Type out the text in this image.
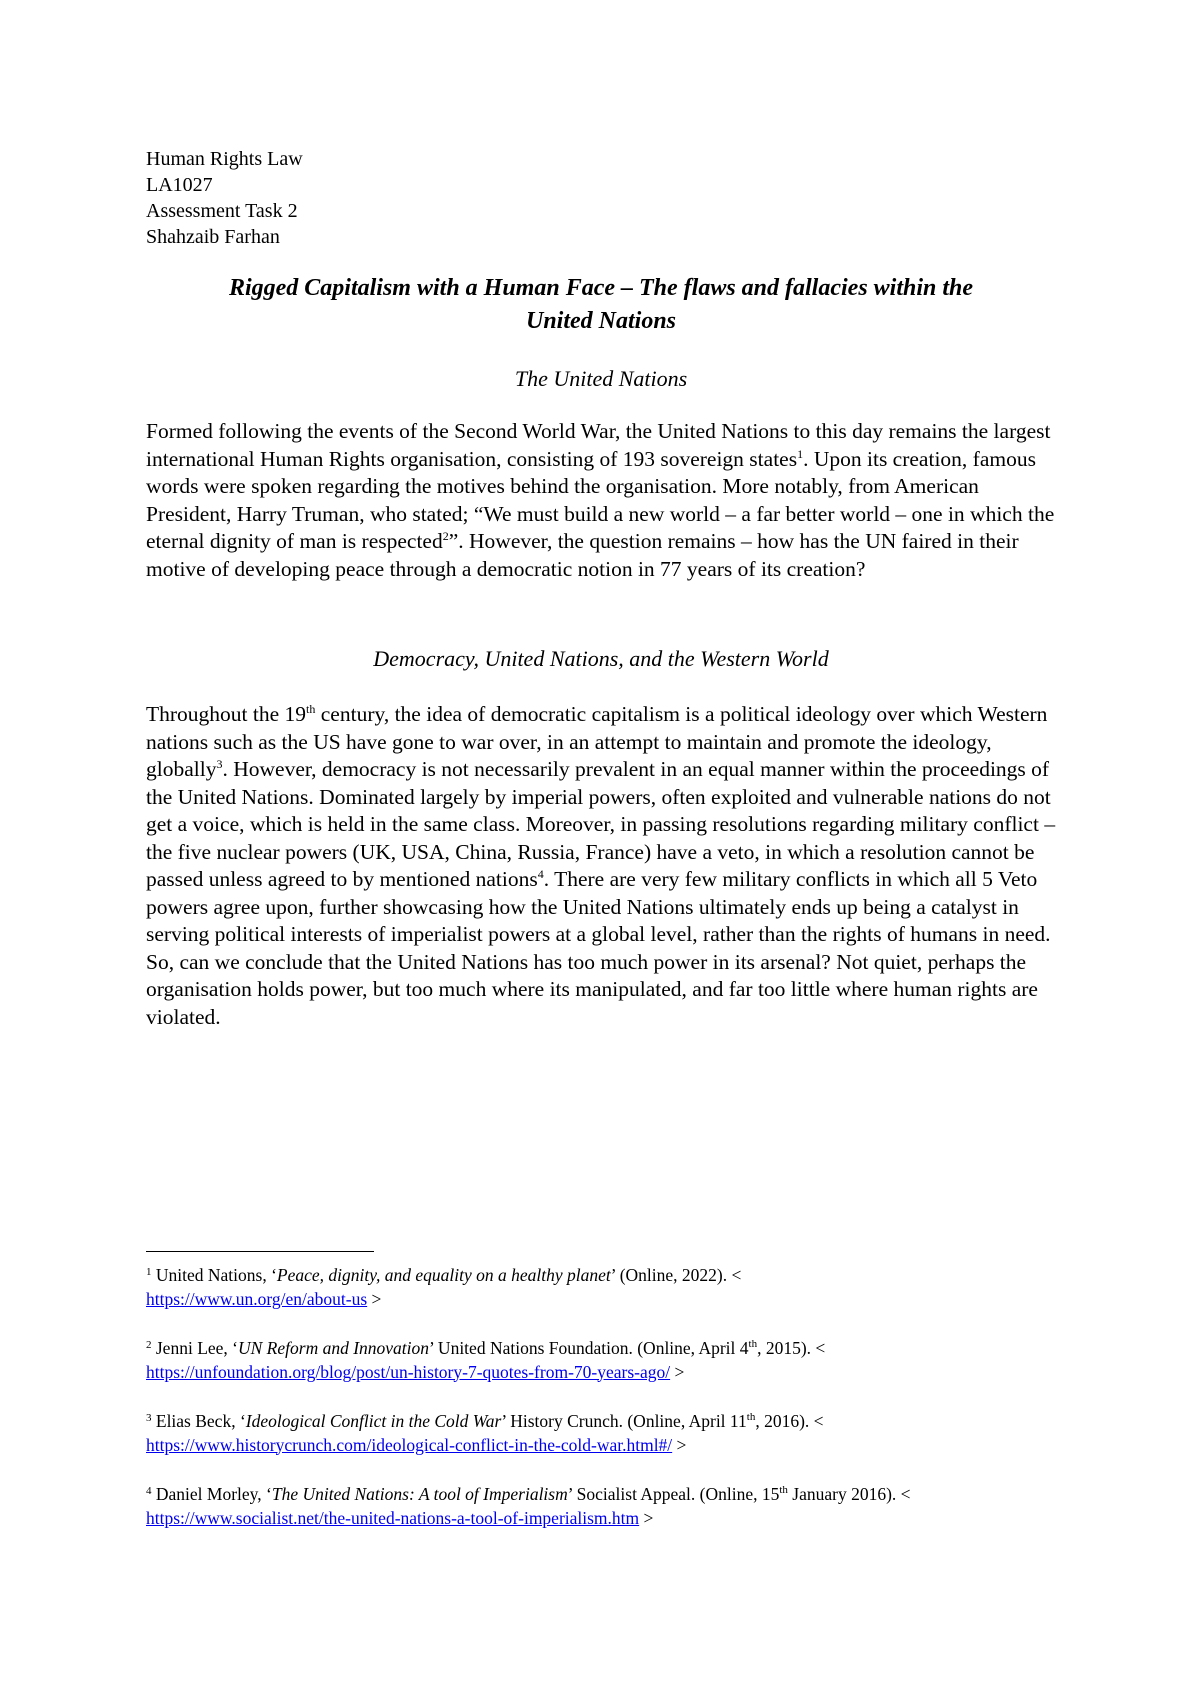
Human Rights Law
LA1027
Assessment Task 2
Shahzaib Farhan
Rigged Capitalism with a Human Face – The flaws and fallacies within the
United Nations
The United Nations
Formed following the events of the Second World War, the United Nations to this day remains the largest international Human Rights organisation, consisting of 193 sovereign states$^1$. Upon its creation, famous words were spoken regarding the motives behind the organisation. More notably, from American President, Harry Truman, who stated; “We must build a new world – a far better world – one in which the eternal dignity of man is respected$^2$”. However, the question remains – how has the UN faired in their motive of developing peace through a democratic notion in 77 years of its creation?
Democracy, United Nations, and the Western World
Throughout the 19th century, the idea of democratic capitalism is a political ideology over which Western nations such as the US have gone to war over, in an attempt to maintain and promote the ideology, globally$^3$. However, democracy is not necessarily prevalent in an equal manner within the proceedings of the United Nations. Dominated largely by imperial powers, often exploited and vulnerable nations do not get a voice, which is held in the same class. Moreover, in passing resolutions regarding military conflict – the five nuclear powers (UK, USA, China, Russia, France) have a veto, in which a resolution cannot be passed unless agreed to by mentioned nations$^4$. There are very few military conflicts in which all 5 Veto powers agree upon, further showcasing how the United Nations ultimately ends up being a catalyst in serving political interests of imperialist powers at a global level, rather than the rights of humans in need. So, can we conclude that the United Nations has too much power in its arsenal? Not quiet, perhaps the organisation holds power, but too much where its manipulated, and far too little where human rights are violated.
$^1$ United Nations, ‘Peace, dignity, and equality on a healthy planet’ (Online, 2022). <
https://www.un.org/en/about-us >
$^2$ Jenni Lee, ‘UN Reform and Innovation’ United Nations Foundation. (Online, April 4th, 2015). <
https://unfoundation.org/blog/post/un-history-7-quotes-from-70-years-ago/ >
$^3$ Elias Beck, ‘Ideological Conflict in the Cold War’ History Crunch. (Online, April 11th, 2016). <
https://www.historycrunch.com/ideological-conflict-in-the-cold-war.html#/ >
$^4$ Daniel Morley, ‘The United Nations: A tool of Imperialism’ Socialist Appeal. (Online, 15th January 2016). <
https://www.socialist.net/the-united-nations-a-tool-of-imperialism.htm >
